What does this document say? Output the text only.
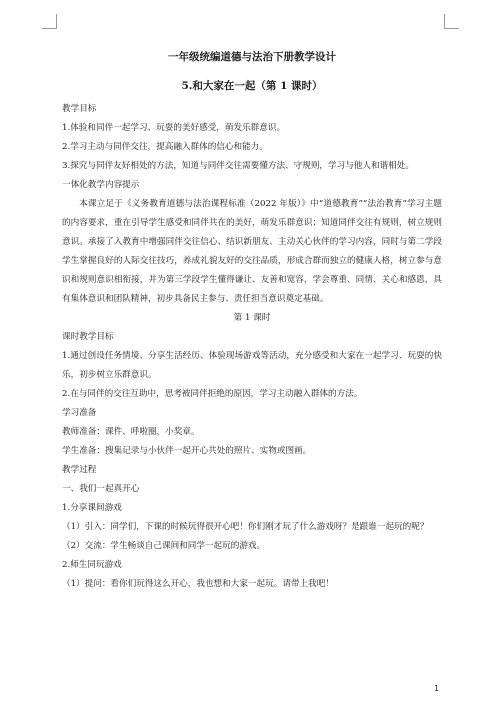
一年级统编道德与法治下册教学设计

5.和大家在一起（第 1 课时）

教学目标

1.体验和同伴一起学习、玩耍的美好感受，萌发乐群意识。

2.学习主动与同伴交往，提高融入群体的信心和能力。

3.探究与同伴友好相处的方法，知道与同伴交往需要懂方法、守规则，学习与他人和谐相处。

一体化教学内容提示

本课立足于《义务教育道德与法治课程标准（2022 年版）》中“道德教育”“法治教育”学习主题的内容要求，重在引导学生感受和同伴共在的美好，萌发乐群意识；知道同伴交往有规则，树立规则意识。承接了入教育中增强同伴交往信心、结识新朋友、主动关心伙伴的学习内容，同时与第二学段学生掌握良好的人际交往技巧，养成礼貌友好的交往品质，形成合群而独立的健康人格，树立参与意识和规则意识相衔接，并为第三学段学生懂得谦让、友善和宽容，学会尊重、同情、关心和感恩，具有集体意识和团队精神，初步具备民主参与、责任担当意识奠定基础。

第 1 课时

课时教学目标

1.通过创设任务情境、分享生活经历、体验现场游戏等活动，充分感受和大家在一起学习、玩耍的快乐，初步树立乐群意识。

2.在与同伴的交往互助中，思考被同伴拒绝的原因，学习主动融入群体的方法。

学习准备

教师准备：课件、呼啦圈，小奖章。

学生准备：搜集记录与小伙伴一起开心共处的照片、实物或图画。

教学过程

一、我们一起真开心

1.分享课间游戏

（1）引入：同学们，下课的时候玩得很开心吧！你们刚才玩了什么游戏呀？是跟谁一起玩的呢？

（2）交流：学生畅谈自己课间和同学一起玩的游戏。

2.师生同玩游戏

（1）提问：看你们玩得这么开心，我也想和大家一起玩。请带上我吧！

1
